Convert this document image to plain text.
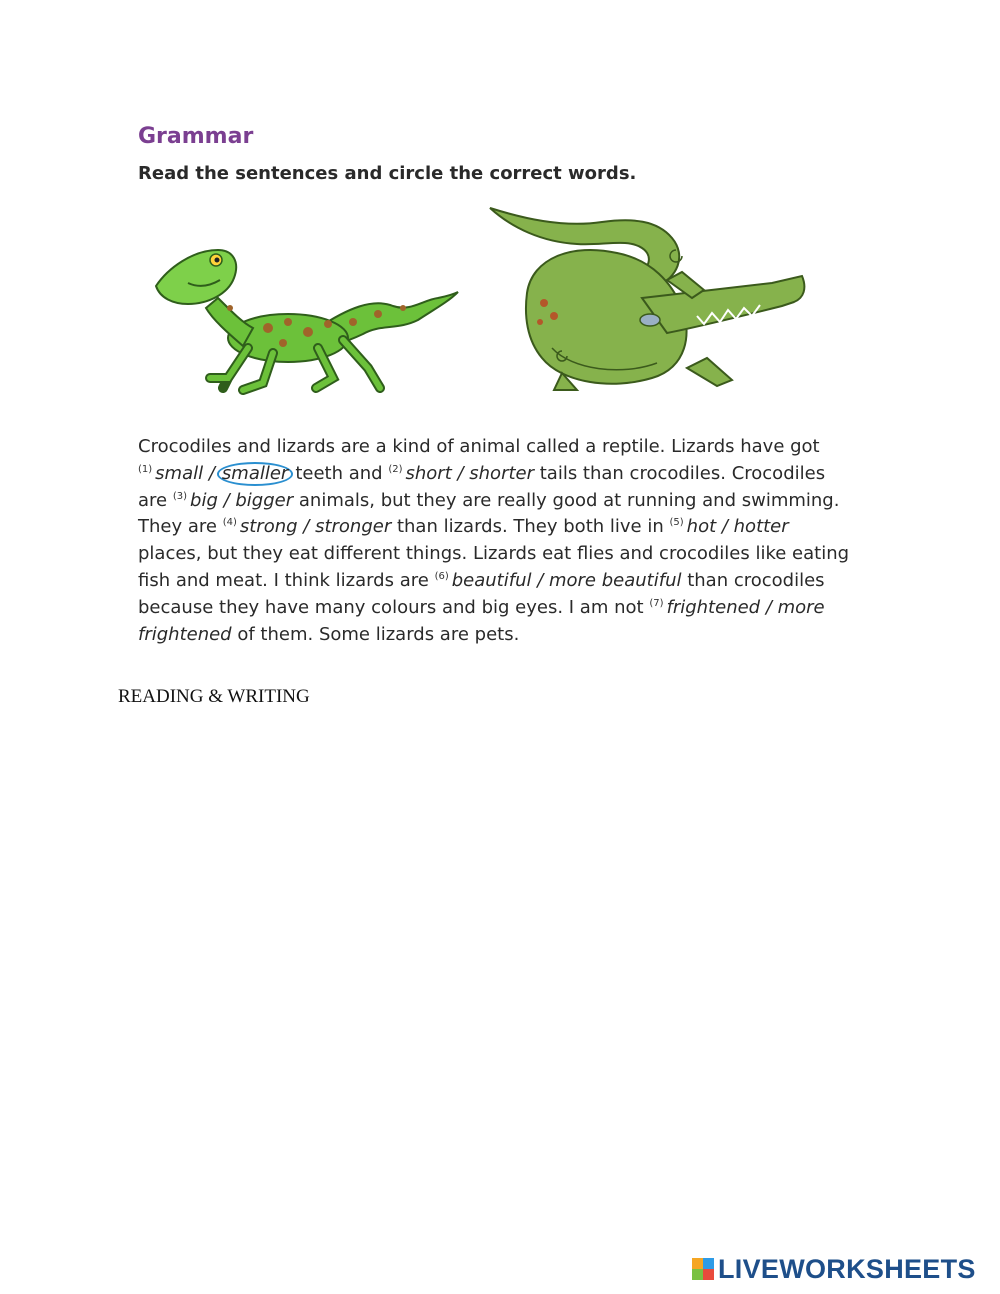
Grammar

Read the sentences and circle the correct words.

Crocodiles and lizards are a kind of animal called a reptile. Lizards have got
$^{(1)}$ small / smaller teeth and $^{(2)}$ short / shorter tails than crocodiles. Crocodiles
are $^{(3)}$ big / bigger animals, but they are really good at running and swimming.
They are $^{(4)}$ strong / stronger than lizards. They both live in $^{(5)}$ hot / hotter
places, but they eat different things. Lizards eat flies and crocodiles like eating
fish and meat. I think lizards are $^{(6)}$ beautiful / more beautiful than crocodiles
because they have many colours and big eyes. I am not $^{(7)}$ frightened / more
frightened of them. Some lizards are pets.

READING & WRITING

LIVEWORKSHEETS
